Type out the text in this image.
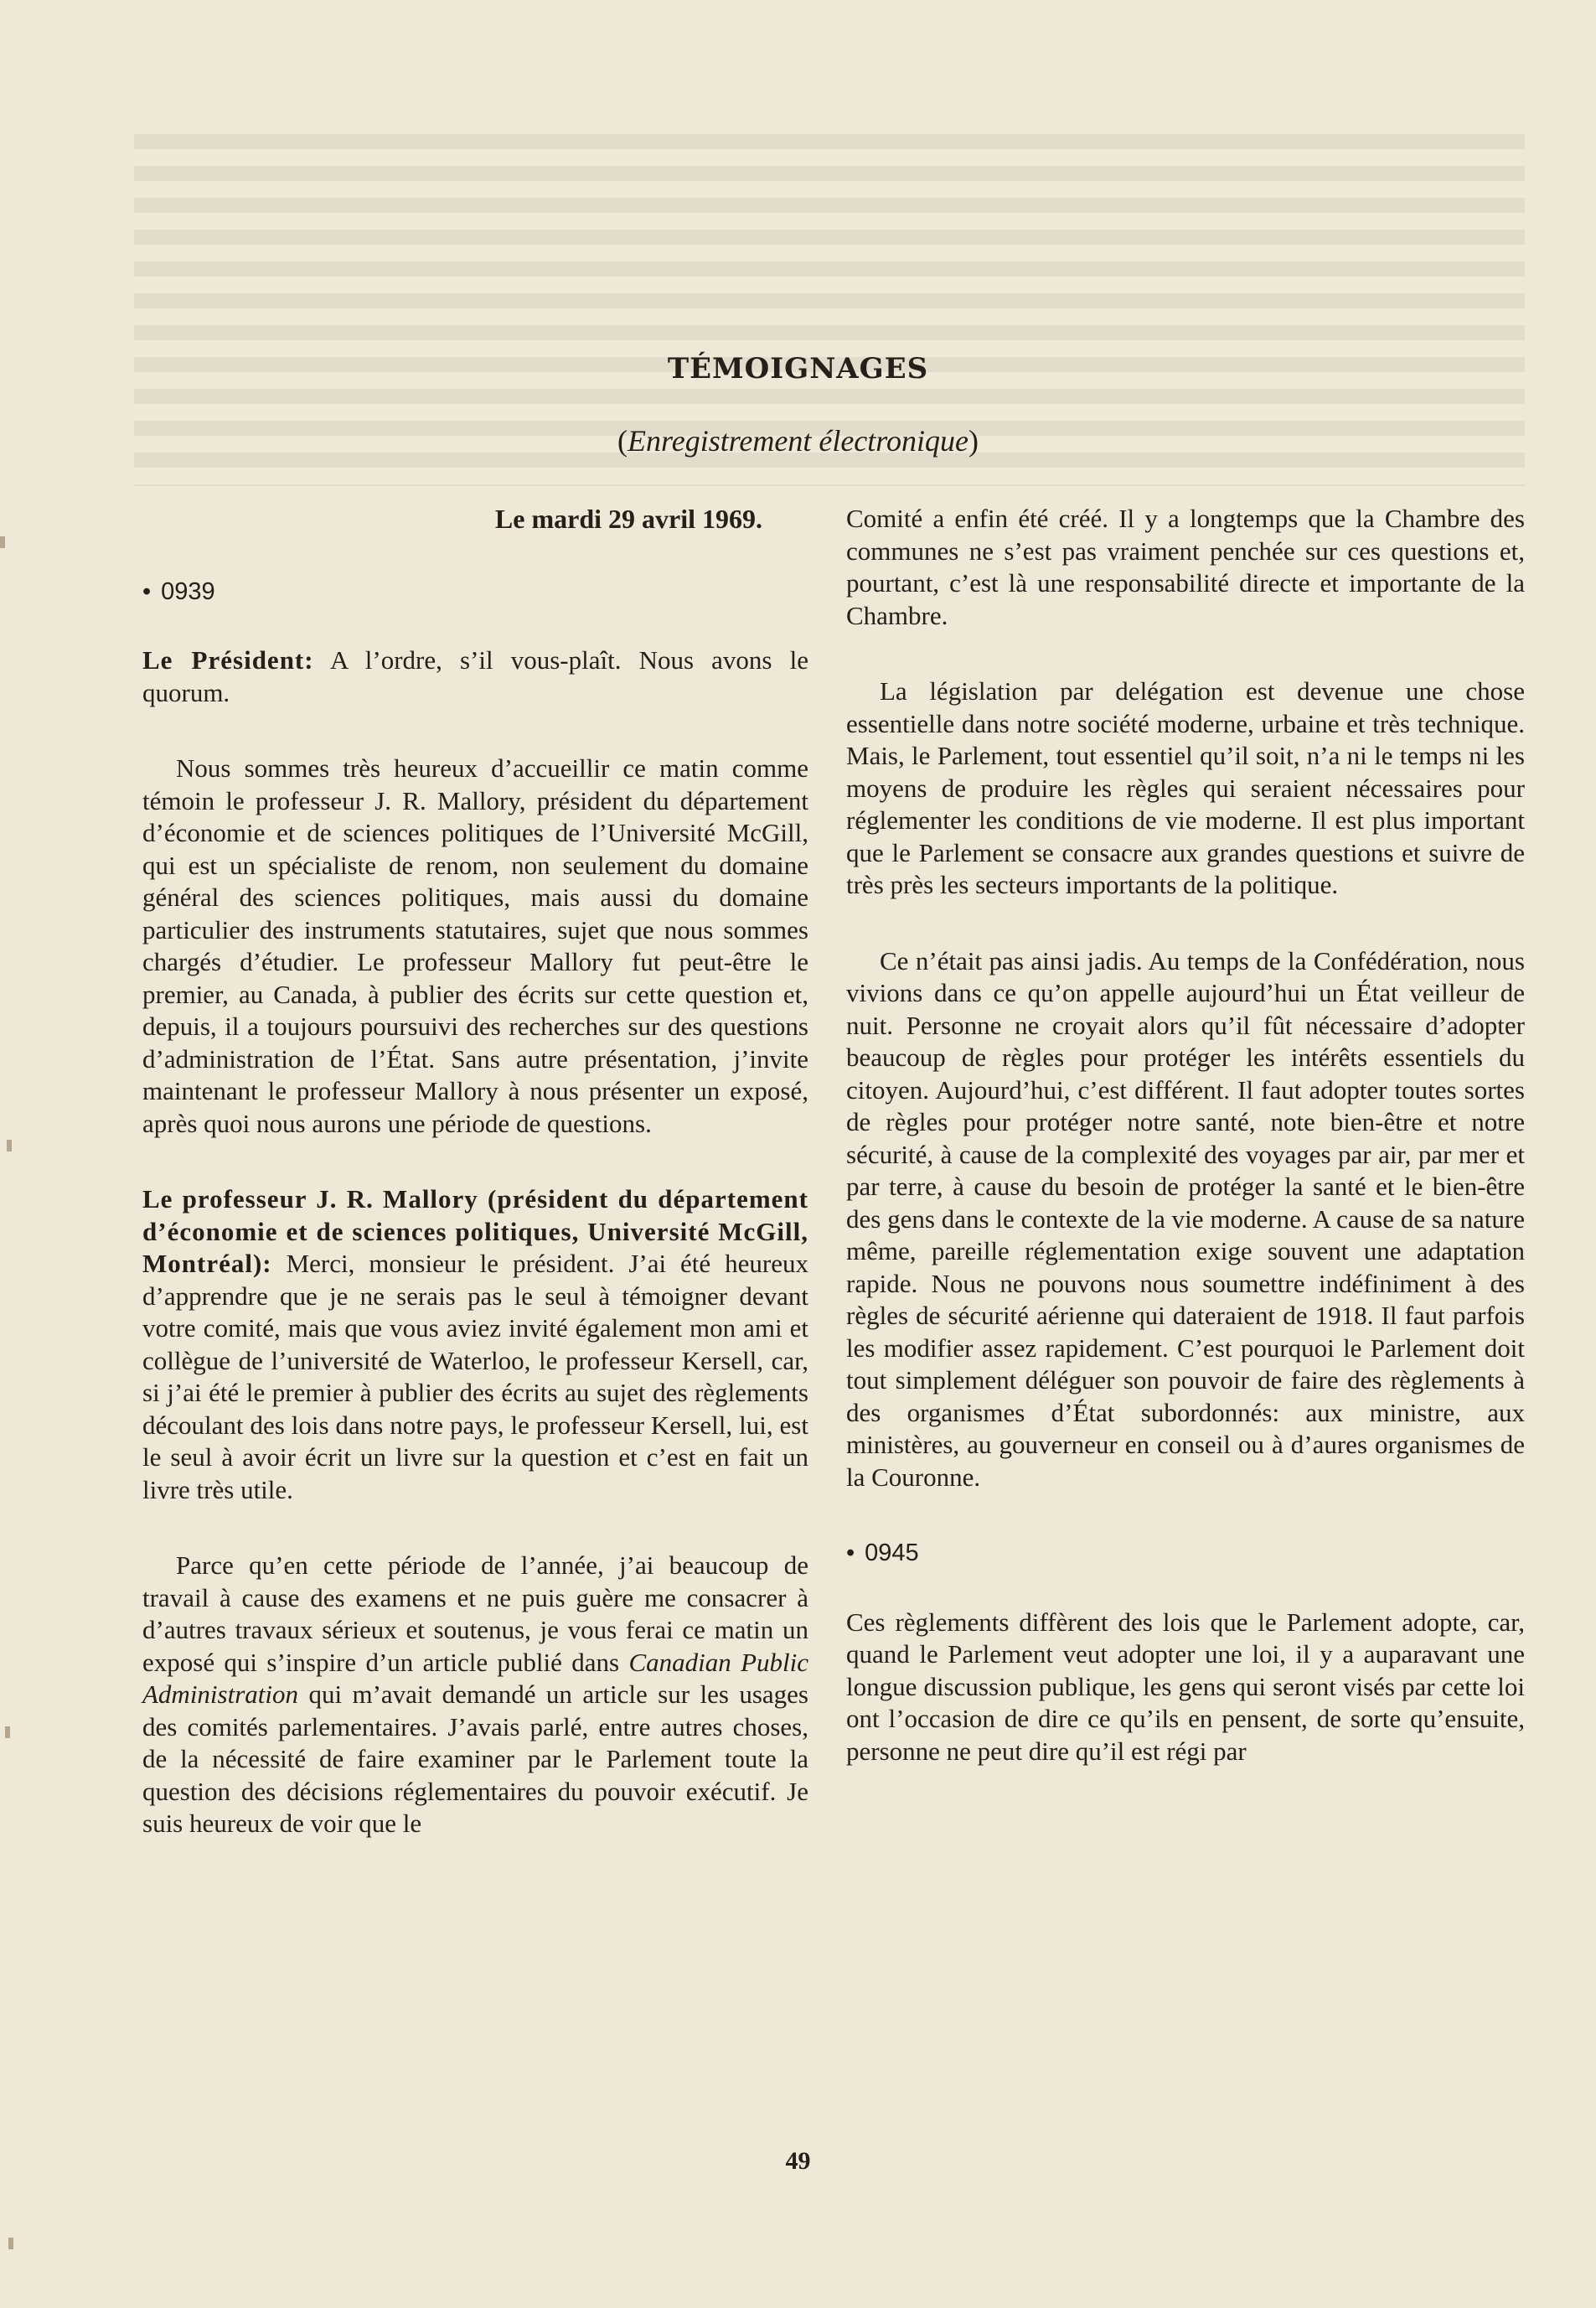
TÉMOIGNAGES
(Enregistrement électronique)

Le mardi 29 avril 1969.

• 0939

Le Président: A l’ordre, s’il vous-plaît. Nous avons le quorum.

Nous sommes très heureux d’accueillir ce matin comme témoin le professeur J. R. Mallory, président du département d’économie et de sciences politiques de l’Université McGill, qui est un spécialiste de renom, non seulement du domaine général des sciences politiques, mais aussi du domaine particulier des instruments statutaires, sujet que nous sommes chargés d’étudier. Le professeur Mallory fut peut-être le premier, au Canada, à publier des écrits sur cette question et, depuis, il a toujours poursuivi des recherches sur des questions d’administration de l’État. Sans autre présentation, j’invite maintenant le professeur Mallory à nous présenter un exposé, après quoi nous aurons une période de questions.

Le professeur J. R. Mallory (président du département d’économie et de sciences politiques, Université McGill, Montréal): Merci, monsieur le président. J’ai été heureux d’apprendre que je ne serais pas le seul à témoigner devant votre comité, mais que vous aviez invité également mon ami et collègue de l’université de Waterloo, le professeur Kersell, car, si j’ai été le premier à publier des écrits au sujet des règlements découlant des lois dans notre pays, le professeur Kersell, lui, est le seul à avoir écrit un livre sur la question et c’est en fait un livre très utile.

Parce qu’en cette période de l’année, j’ai beaucoup de travail à cause des examens et ne puis guère me consacrer à d’autres travaux sérieux et soutenus, je vous ferai ce matin un exposé qui s’inspire d’un article publié dans Canadian Public Administration qui m’avait demandé un article sur les usages des comités parlementaires. J’avais parlé, entre autres choses, de la nécessité de faire examiner par le Parlement toute la question des décisions réglementaires du pouvoir exécutif. Je suis heureux de voir que le

Comité a enfin été créé. Il y a longtemps que la Chambre des communes ne s’est pas vraiment penchée sur ces questions et, pourtant, c’est là une responsabilité directe et importante de la Chambre.

La législation par delégation est devenue une chose essentielle dans notre société moderne, urbaine et très technique. Mais, le Parlement, tout essentiel qu’il soit, n’a ni le temps ni les moyens de produire les règles qui seraient nécessaires pour réglementer les conditions de vie moderne. Il est plus important que le Parlement se consacre aux grandes questions et suivre de très près les secteurs importants de la politique.

Ce n’était pas ainsi jadis. Au temps de la Confédération, nous vivions dans ce qu’on appelle aujourd’hui un État veilleur de nuit. Personne ne croyait alors qu’il fût nécessaire d’adopter beaucoup de règles pour protéger les intérêts essentiels du citoyen. Aujourd’hui, c’est différent. Il faut adopter toutes sortes de règles pour protéger notre santé, note bien-être et notre sécurité, à cause de la complexité des voyages par air, par mer et par terre, à cause du besoin de protéger la santé et le bien-être des gens dans le contexte de la vie moderne. A cause de sa nature même, pareille réglementation exige souvent une adaptation rapide. Nous ne pouvons nous soumettre indéfiniment à des règles de sécurité aérienne qui dateraient de 1918. Il faut parfois les modifier assez rapidement. C’est pourquoi le Parlement doit tout simplement déléguer son pouvoir de faire des règlements à des organismes d’État subordonnés: aux ministre, aux ministères, au gouverneur en conseil ou à d’aures organismes de la Couronne.

• 0945

Ces règlements diffèrent des lois que le Parlement adopte, car, quand le Parlement veut adopter une loi, il y a auparavant une longue discussion publique, les gens qui seront visés par cette loi ont l’occasion de dire ce qu’ils en pensent, de sorte qu’ensuite, personne ne peut dire qu’il est régi par

49
